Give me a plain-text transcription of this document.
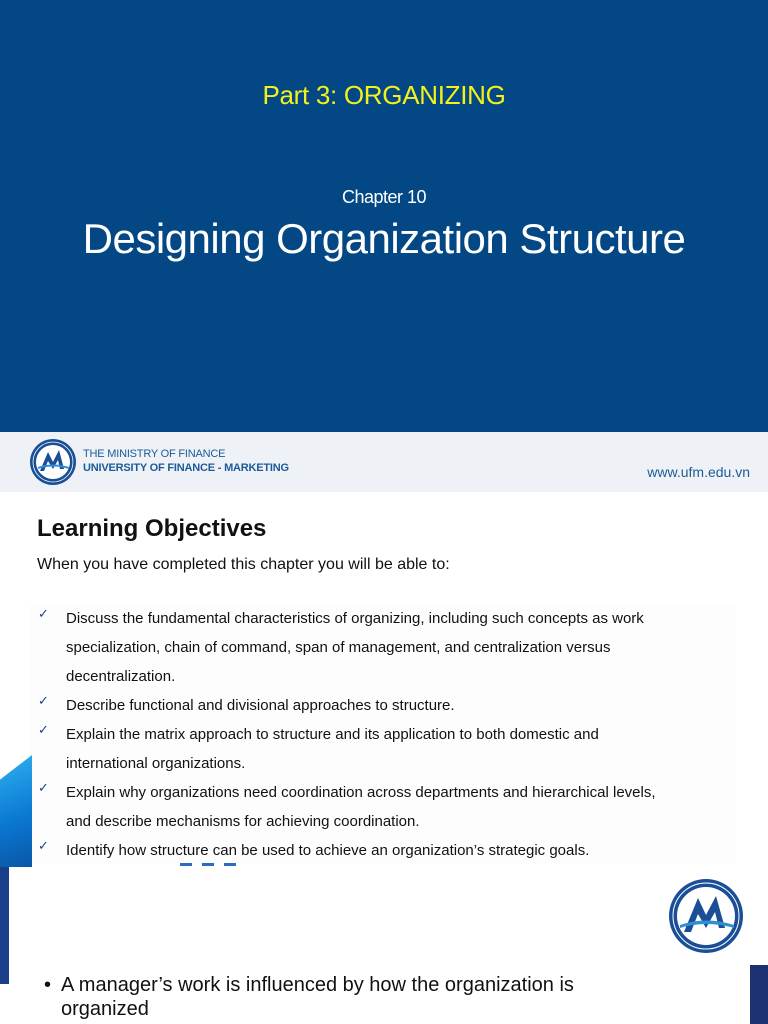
Part 3: ORGANIZING
Chapter 10
Designing Organization Structure
THE MINISTRY OF FINANCE
UNIVERSITY OF FINANCE - MARKETING	www.ufm.edu.vn
Learning Objectives
When you have completed this chapter you will be able to:
✓ Discuss the fundamental characteristics of organizing, including such concepts as work
specialization, chain of command, span of management, and centralization versus
decentralization.
✓ Describe functional and divisional approaches to structure.
✓ Explain the matrix approach to structure and its application to both domestic and
international organizations.
✓ Explain why organizations need coordination across departments and hierarchical levels,
and describe mechanisms for achieving coordination.
✓ Identify how structure can be used to achieve an organization’s strategic goals.
• A manager’s work is influenced by how the organization is organized
